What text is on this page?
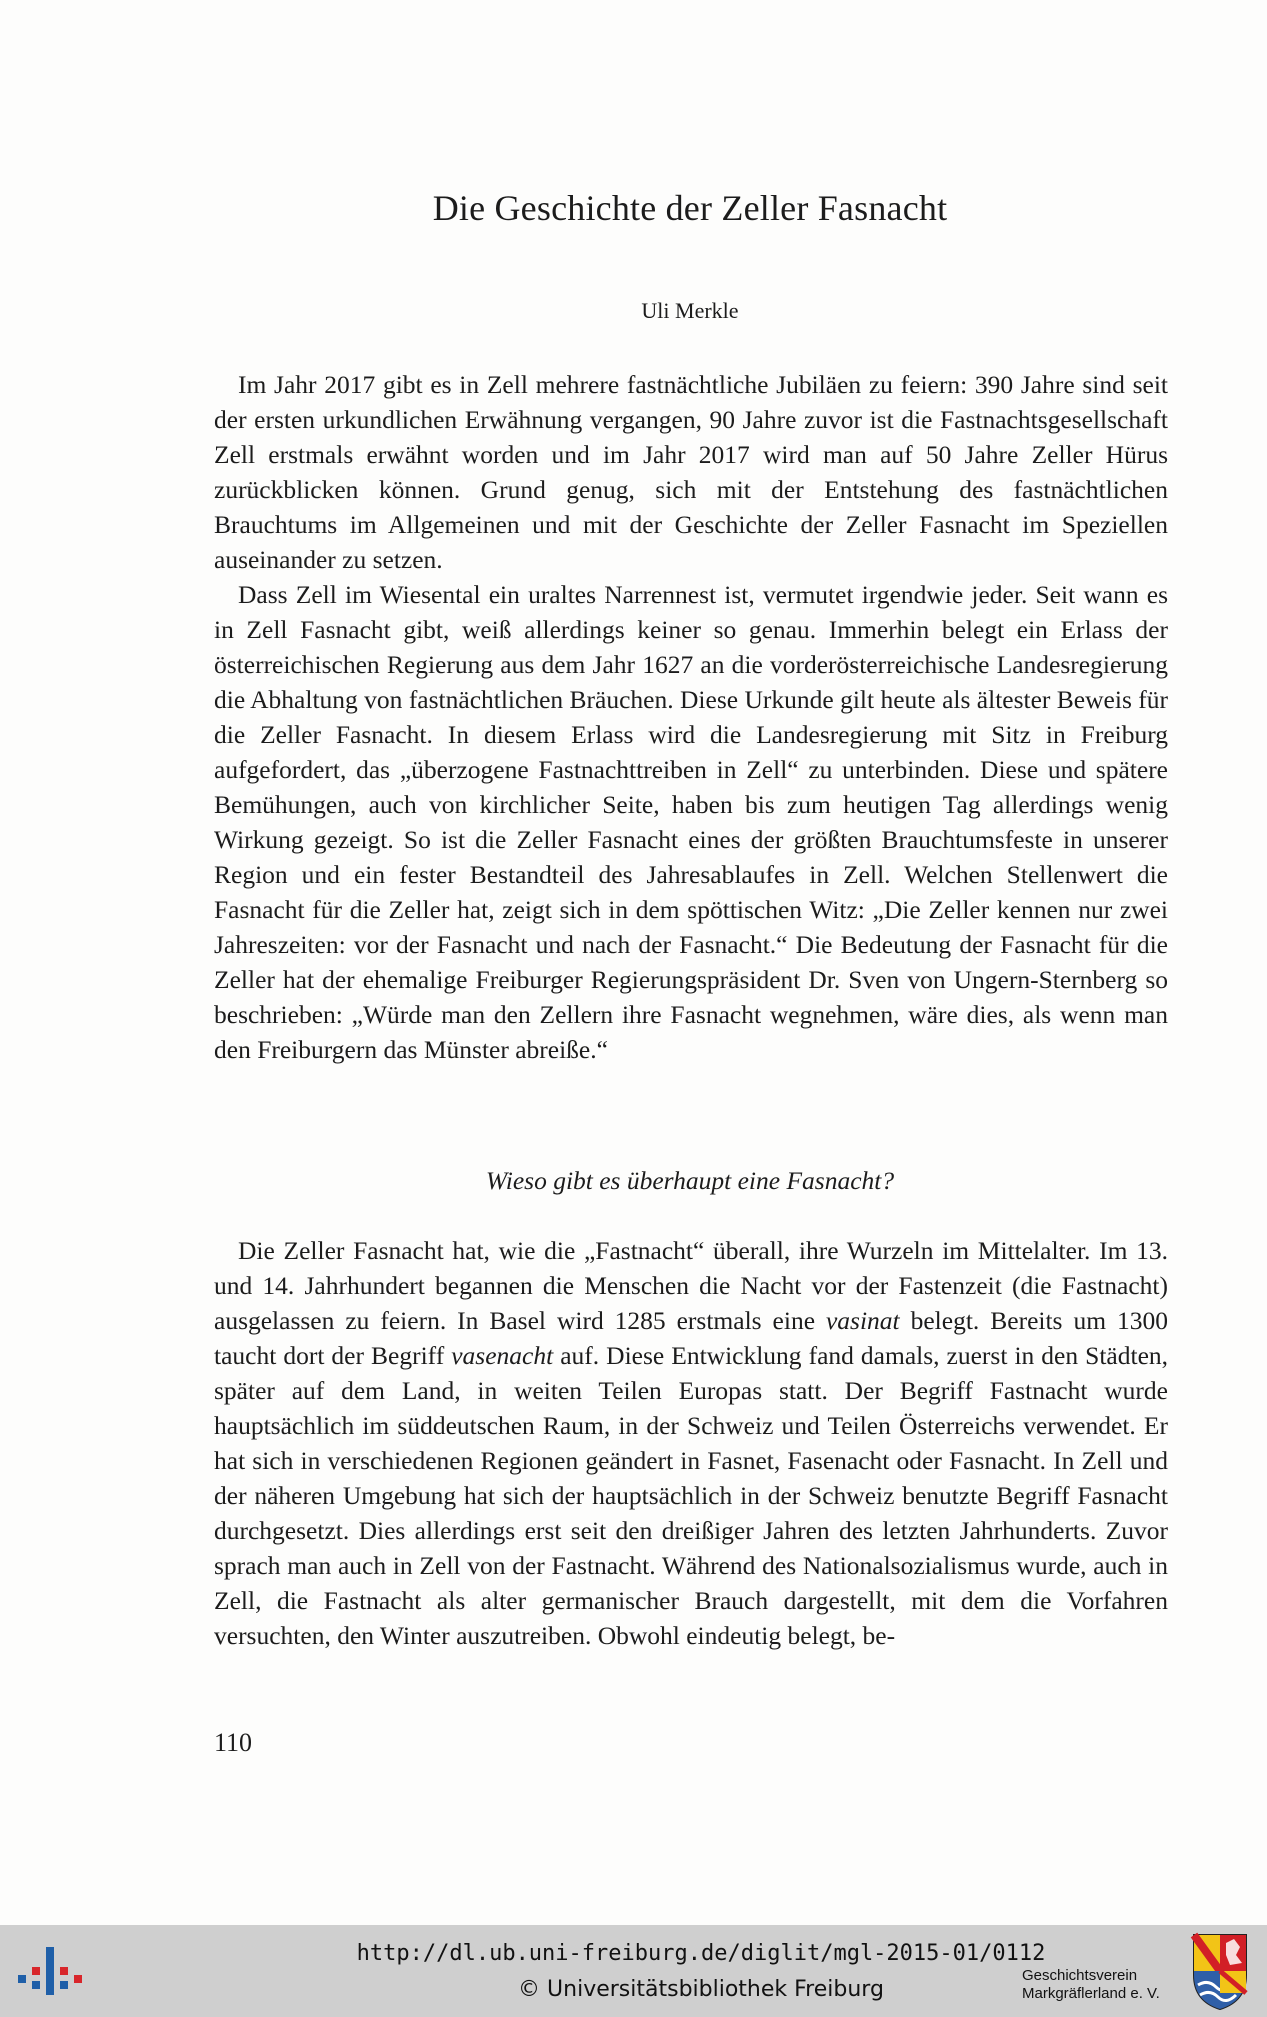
Die Geschichte der Zeller Fasnacht
Uli Merkle

Im Jahr 2017 gibt es in Zell mehrere fastnächtliche Jubiläen zu feiern: 390 Jahre sind seit der ersten urkundlichen Erwähnung vergangen, 90 Jahre zuvor ist die Fastnachtsgesellschaft Zell erstmals erwähnt worden und im Jahr 2017 wird man auf 50 Jahre Zeller Hürus zurückblicken können. Grund genug, sich mit der Entstehung des fastnächtlichen Brauchtums im Allgemeinen und mit der Geschichte der Zeller Fasnacht im Speziellen auseinander zu setzen.

Dass Zell im Wiesental ein uraltes Narrennest ist, vermutet irgendwie jeder. Seit wann es in Zell Fasnacht gibt, weiß allerdings keiner so genau. Immerhin belegt ein Erlass der österreichischen Regierung aus dem Jahr 1627 an die vorderösterreichische Landesregierung die Abhaltung von fastnächtlichen Bräuchen. Diese Urkunde gilt heute als ältester Beweis für die Zeller Fasnacht. In diesem Erlass wird die Landesregierung mit Sitz in Freiburg aufgefordert, das „überzogene Fastnachttreiben in Zell“ zu unterbinden. Diese und spätere Bemühungen, auch von kirchlicher Seite, haben bis zum heutigen Tag allerdings wenig Wirkung gezeigt. So ist die Zeller Fasnacht eines der größten Brauchtumsfeste in unserer Region und ein fester Bestandteil des Jahresablaufes in Zell. Welchen Stellenwert die Fasnacht für die Zeller hat, zeigt sich in dem spöttischen Witz: „Die Zeller kennen nur zwei Jahreszeiten: vor der Fasnacht und nach der Fasnacht.“ Die Bedeutung der Fasnacht für die Zeller hat der ehemalige Freiburger Regierungspräsident Dr. Sven von Ungern-Sternberg so beschrieben: „Würde man den Zellern ihre Fasnacht wegnehmen, wäre dies, als wenn man den Freiburgern das Münster abreiße.“

Wieso gibt es überhaupt eine Fasnacht?

Die Zeller Fasnacht hat, wie die „Fastnacht“ überall, ihre Wurzeln im Mittelalter. Im 13. und 14. Jahrhundert begannen die Menschen die Nacht vor der Fastenzeit (die Fastnacht) ausgelassen zu feiern. In Basel wird 1285 erstmals eine vasinat belegt. Bereits um 1300 taucht dort der Begriff vasenacht auf. Diese Entwicklung fand damals, zuerst in den Städten, später auf dem Land, in weiten Teilen Europas statt. Der Begriff Fastnacht wurde hauptsächlich im süddeutschen Raum, in der Schweiz und Teilen Österreichs verwendet. Er hat sich in verschiedenen Regionen geändert in Fasnet, Fasenacht oder Fasnacht. In Zell und der näheren Umgebung hat sich der hauptsächlich in der Schweiz benutzte Begriff Fasnacht durchgesetzt. Dies allerdings erst seit den dreißiger Jahren des letzten Jahrhunderts. Zuvor sprach man auch in Zell von der Fastnacht. Während des Nationalsozialismus wurde, auch in Zell, die Fastnacht als alter germanischer Brauch dargestellt, mit dem die Vorfahren versuchten, den Winter auszutreiben. Obwohl eindeutig belegt, be-

110
http://dl.ub.uni-freiburg.de/diglit/mgl-2015-01/0112
© Universitätsbibliothek Freiburg
Geschichtsverein
Markgräflerland e. V.
